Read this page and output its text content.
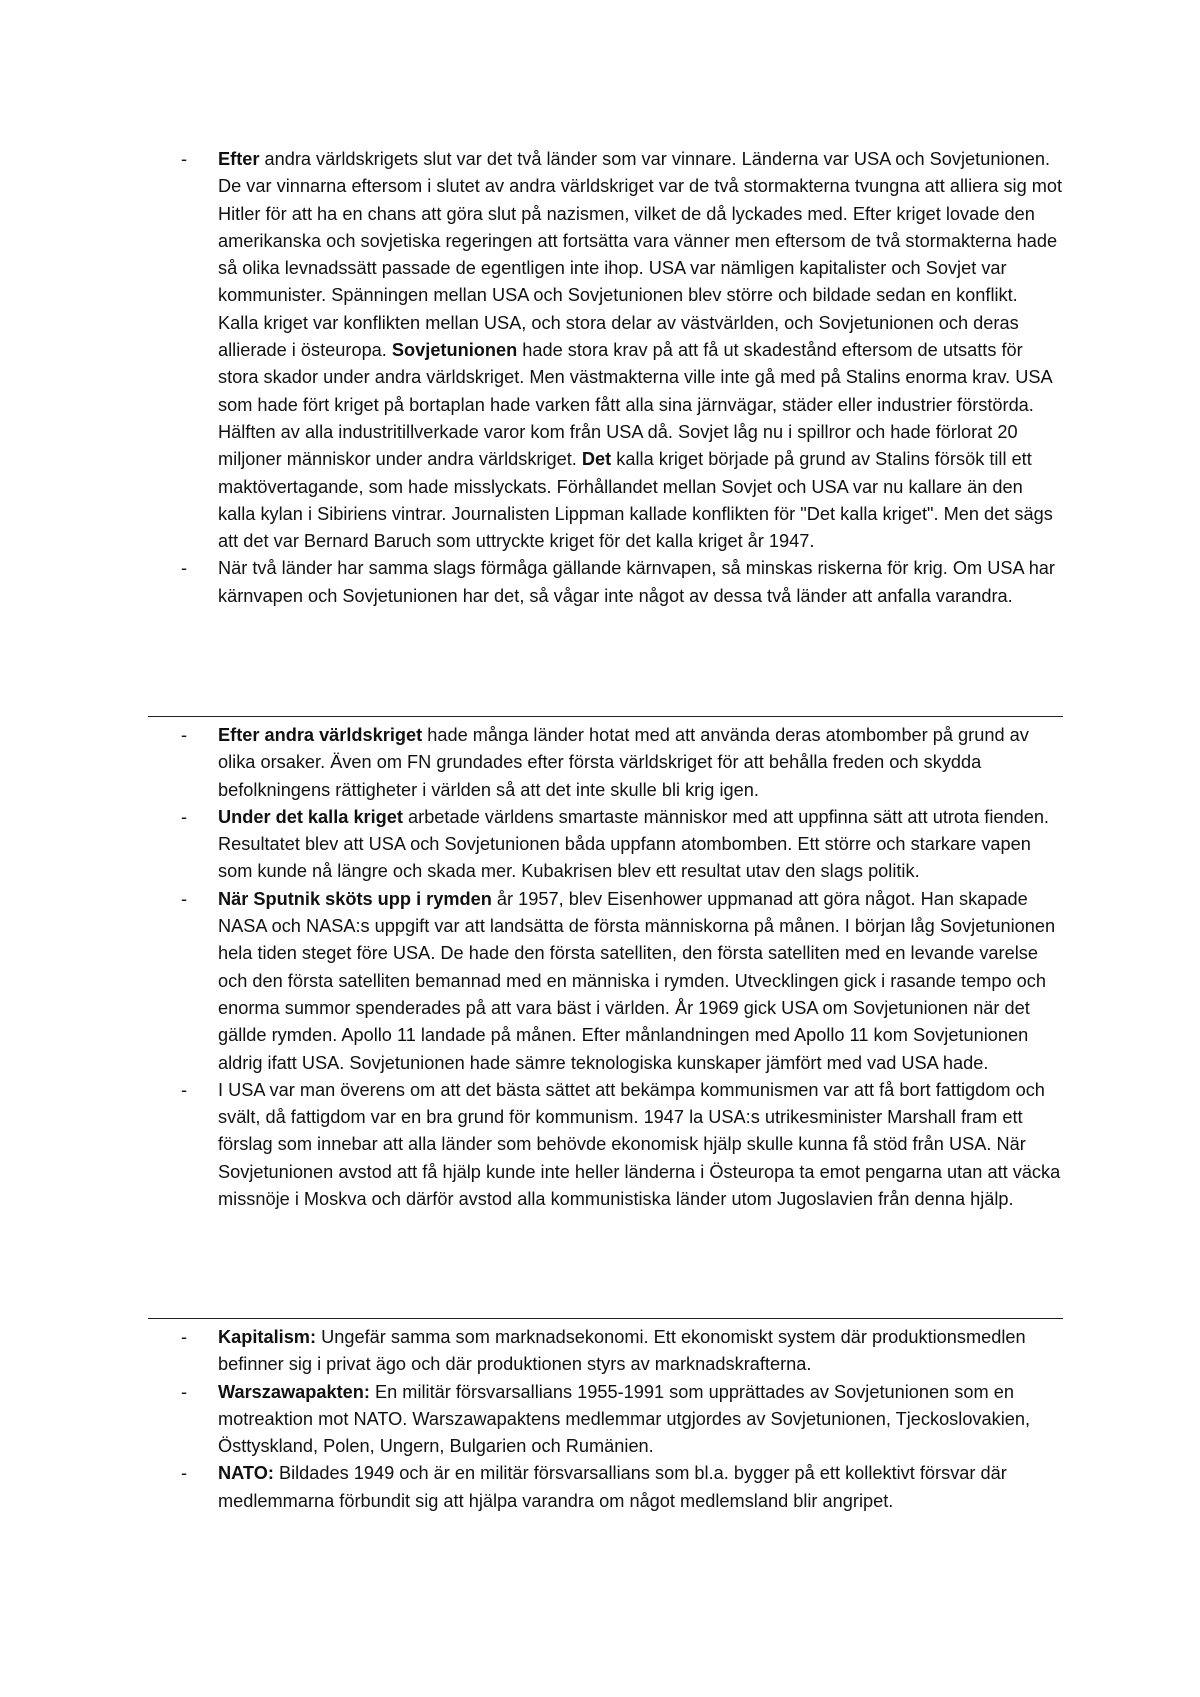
- Efter andra världskrigets slut var det två länder som var vinnare. Länderna var USA och Sovjetunionen. De var vinnarna eftersom i slutet av andra världskriget var de två stormakterna tvungna att alliera sig mot Hitler för att ha en chans att göra slut på nazismen, vilket de då lyckades med. Efter kriget lovade den amerikanska och sovjetiska regeringen att fortsätta vara vänner men eftersom de två stormakterna hade så olika levnadssätt passade de egentligen inte ihop. USA var nämligen kapitalister och Sovjet var kommunister. Spänningen mellan USA och Sovjetunionen blev större och bildade sedan en konflikt. Kalla kriget var konflikten mellan USA, och stora delar av västvärlden, och Sovjetunionen och deras allierade i östeuropa. Sovjetunionen hade stora krav på att få ut skadestånd eftersom de utsatts för stora skador under andra världskriget. Men västmakterna ville inte gå med på Stalins enorma krav. USA som hade fört kriget på bortaplan hade varken fått alla sina järnvägar, städer eller industrier förstörda. Hälften av alla industritillverkade varor kom från USA då. Sovjet låg nu i spillror och hade förlorat 20 miljoner människor under andra världskriget. Det kalla kriget började på grund av Stalins försök till ett maktövertagande, som hade misslyckats. Förhållandet mellan Sovjet och USA var nu kallare än den kalla kylan i Sibiriens vintrar. Journalisten Lippman kallade konflikten för "Det kalla kriget". Men det sägs att det var Bernard Baruch som uttryckte kriget för det kalla kriget år 1947.
- När två länder har samma slags förmåga gällande kärnvapen, så minskas riskerna för krig. Om USA har kärnvapen och Sovjetunionen har det, så vågar inte något av dessa två länder att anfalla varandra.
- Efter andra världskriget hade många länder hotat med att använda deras atombomber på grund av olika orsaker. Även om FN grundades efter första världskriget för att behålla freden och skydda befolkningens rättigheter i världen så att det inte skulle bli krig igen.
- Under det kalla kriget arbetade världens smartaste människor med att uppfinna sätt att utrota fienden. Resultatet blev att USA och Sovjetunionen båda uppfann atombomben. Ett större och starkare vapen som kunde nå längre och skada mer. Kubakrisen blev ett resultat utav den slags politik.
- När Sputnik sköts upp i rymden år 1957, blev Eisenhower uppmanad att göra något. Han skapade NASA och NASA:s uppgift var att landsätta de första människorna på månen. I början låg Sovjetunionen hela tiden steget före USA. De hade den första satelliten, den första satelliten med en levande varelse och den första satelliten bemannad med en människa i rymden. Utvecklingen gick i rasande tempo och enorma summor spenderades på att vara bäst i världen. År 1969 gick USA om Sovjetunionen när det gällde rymden. Apollo 11 landade på månen. Efter månlandningen med Apollo 11 kom Sovjetunionen aldrig ifatt USA. Sovjetunionen hade sämre teknologiska kunskaper jämfört med vad USA hade.
- I USA var man överens om att det bästa sättet att bekämpa kommunismen var att få bort fattigdom och svält, då fattigdom var en bra grund för kommunism. 1947 la USA:s utrikesminister Marshall fram ett förslag som innebar att alla länder som behövde ekonomisk hjälp skulle kunna få stöd från USA. När Sovjetunionen avstod att få hjälp kunde inte heller länderna i Östeuropa ta emot pengarna utan att väcka missnöje i Moskva och därför avstod alla kommunistiska länder utom Jugoslavien från denna hjälp.
- Kapitalism: Ungefär samma som marknadsekonomi. Ett ekonomiskt system där produktionsmedlen befinner sig i privat ägo och där produktionen styrs av marknadskrafterna.
- Warszawapakten: En militär försvarsallians 1955-1991 som upprättades av Sovjetunionen som en motreaktion mot NATO. Warszawapaktens medlemmar utgjordes av Sovjetunionen, Tjeckoslovakien, Östtyskland, Polen, Ungern, Bulgarien och Rumänien.
- NATO: Bildades 1949 och är en militär försvarsallians som bl.a. bygger på ett kollektivt försvar där medlemmarna förbundit sig att hjälpa varandra om något medlemsland blir angripet.
